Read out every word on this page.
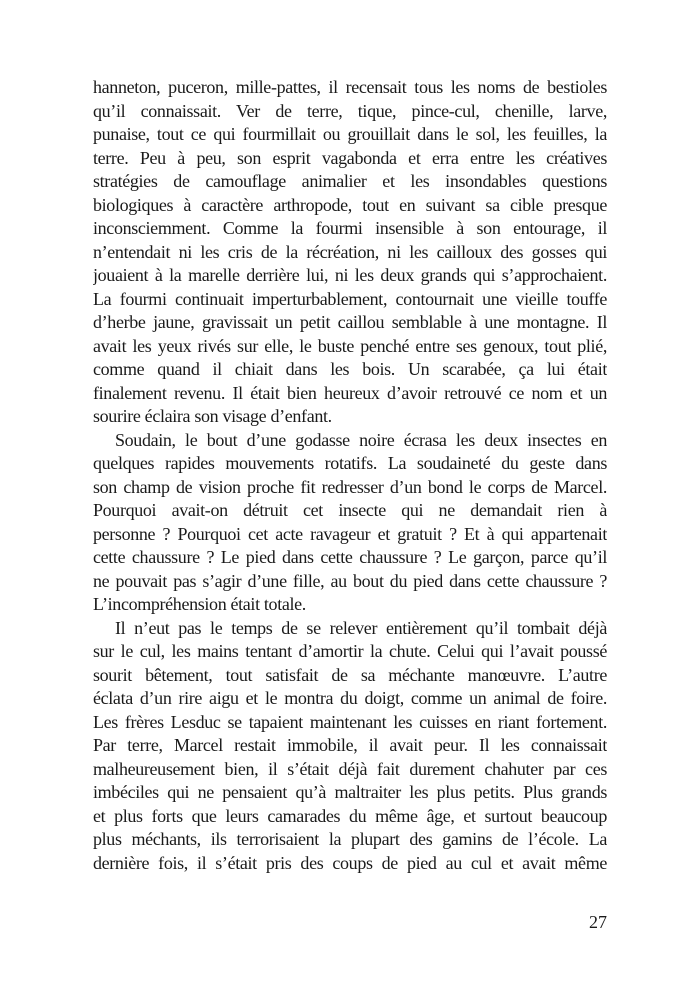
hanneton, puceron, mille-pattes, il recensait tous les noms de bestioles
qu’il connaissait. Ver de terre, tique, pince-cul, chenille, larve,
punaise, tout ce qui fourmillait ou grouillait dans le sol, les feuilles, la
terre. Peu à peu, son esprit vagabonda et erra entre les créatives
stratégies de camouflage animalier et les insondables questions
biologiques à caractère arthropode, tout en suivant sa cible presque
inconsciemment. Comme la fourmi insensible à son entourage, il
n’entendait ni les cris de la récréation, ni les cailloux des gosses qui
jouaient à la marelle derrière lui, ni les deux grands qui s’approchaient.
La fourmi continuait imperturbablement, contournait une vieille touffe
d’herbe jaune, gravissait un petit caillou semblable à une montagne. Il
avait les yeux rivés sur elle, le buste penché entre ses genoux, tout plié,
comme quand il chiait dans les bois. Un scarabée, ça lui était
finalement revenu. Il était bien heureux d’avoir retrouvé ce nom et un
sourire éclaira son visage d’enfant.
Soudain, le bout d’une godasse noire écrasa les deux insectes en
quelques rapides mouvements rotatifs. La soudaineté du geste dans
son champ de vision proche fit redresser d’un bond le corps de Marcel.
Pourquoi avait-on détruit cet insecte qui ne demandait rien à
personne ? Pourquoi cet acte ravageur et gratuit ? Et à qui appartenait
cette chaussure ? Le pied dans cette chaussure ? Le garçon, parce qu’il
ne pouvait pas s’agir d’une fille, au bout du pied dans cette chaussure ?
L’incompréhension était totale.
Il n’eut pas le temps de se relever entièrement qu’il tombait déjà
sur le cul, les mains tentant d’amortir la chute. Celui qui l’avait poussé
sourit bêtement, tout satisfait de sa méchante manœuvre. L’autre
éclata d’un rire aigu et le montra du doigt, comme un animal de foire.
Les frères Lesduc se tapaient maintenant les cuisses en riant fortement.
Par terre, Marcel restait immobile, il avait peur. Il les connaissait
malheureusement bien, il s’était déjà fait durement chahuter par ces
imbéciles qui ne pensaient qu’à maltraiter les plus petits. Plus grands
et plus forts que leurs camarades du même âge, et surtout beaucoup
plus méchants, ils terrorisaient la plupart des gamins de l’école. La
dernière fois, il s’était pris des coups de pied au cul et avait même
27
